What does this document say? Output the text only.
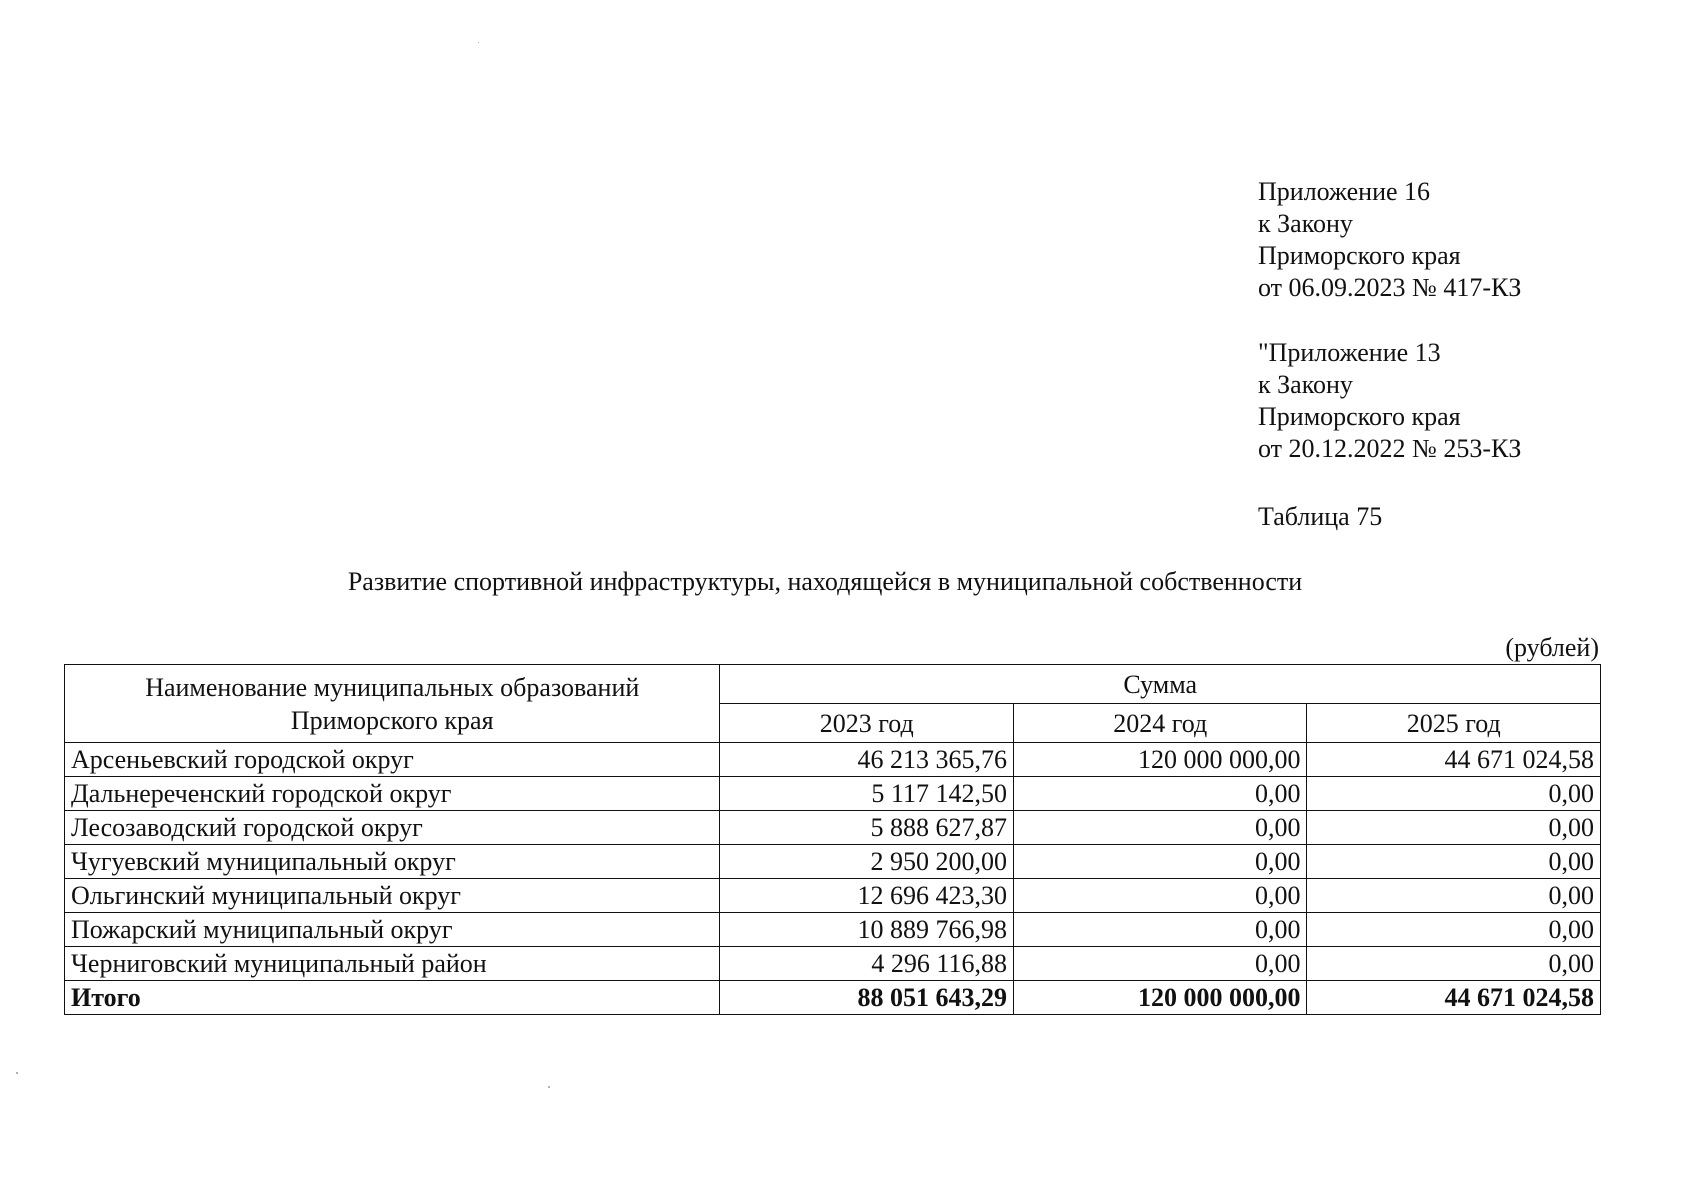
Приложение 16
к Закону
Приморского края
от 06.09.2023 № 417-КЗ
"Приложение 13
к Закону
Приморского края
от 20.12.2022 № 253-КЗ
Таблица 75
Развитие спортивной инфраструктуры, находящейся в муниципальной собственности
(рублей)
Наименование муниципальных образований Приморского края	Сумма		
	2023 год	2024 год	2025 год
Арсеньевский городской округ	46 213 365,76	120 000 000,00	44 671 024,58
Дальнереченский городской округ	5 117 142,50	0,00	0,00
Лесозаводский городской округ	5 888 627,87	0,00	0,00
Чугуевский муниципальный округ	2 950 200,00	0,00	0,00
Ольгинский муниципальный округ	12 696 423,30	0,00	0,00
Пожарский муниципальный округ	10 889 766,98	0,00	0,00
Черниговский муниципальный район	4 296 116,88	0,00	0,00
Итого	88 051 643,29	120 000 000,00	44 671 024,58
